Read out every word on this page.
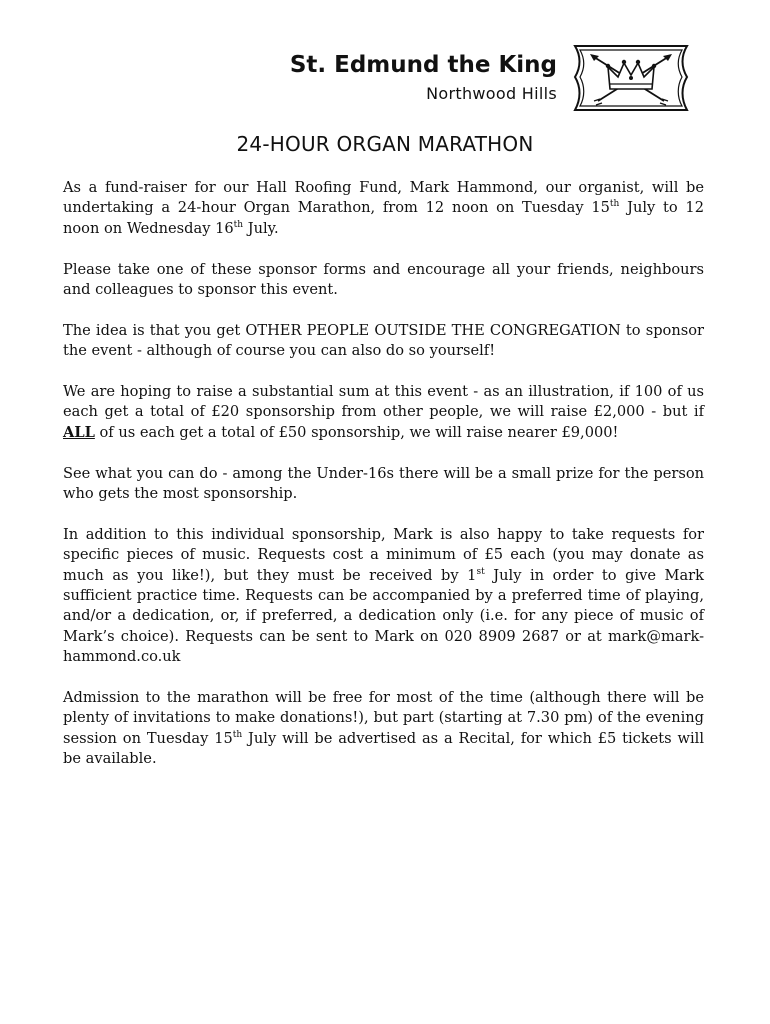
St. Edmund the King
Northwood Hills
24-HOUR ORGAN MARATHON

As a fund-raiser for our Hall Roofing Fund, Mark Hammond, our organist, will be undertaking a 24-hour Organ Marathon, from 12 noon on Tuesday 15th July to 12 noon on Wednesday 16th July.

Please take one of these sponsor forms and encourage all your friends, neighbours and colleagues to sponsor this event.

The idea is that you get OTHER PEOPLE OUTSIDE THE CONGREGATION to sponsor the event - although of course you can also do so yourself!

We are hoping to raise a substantial sum at this event - as an illustration, if 100 of us each get a total of £20 sponsorship from other people, we will raise £2,000 - but if ALL of us each get a total of £50 sponsorship, we will raise nearer £9,000!

See what you can do - among the Under-16s there will be a small prize for the person who gets the most sponsorship.

In addition to this individual sponsorship, Mark is also happy to take requests for specific pieces of music. Requests cost a minimum of £5 each (you may donate as much as you like!), but they must be received by 1st July in order to give Mark sufficient practice time. Requests can be accompanied by a preferred time of playing, and/or a dedication, or, if preferred, a dedication only (i.e. for any piece of music of Mark’s choice). Requests can be sent to Mark on 020 8909 2687 or at mark@mark-hammond.co.uk

Admission to the marathon will be free for most of the time (although there will be plenty of invitations to make donations!), but part (starting at 7.30 pm) of the evening session on Tuesday 15th July will be advertised as a Recital, for which £5 tickets will be available.
